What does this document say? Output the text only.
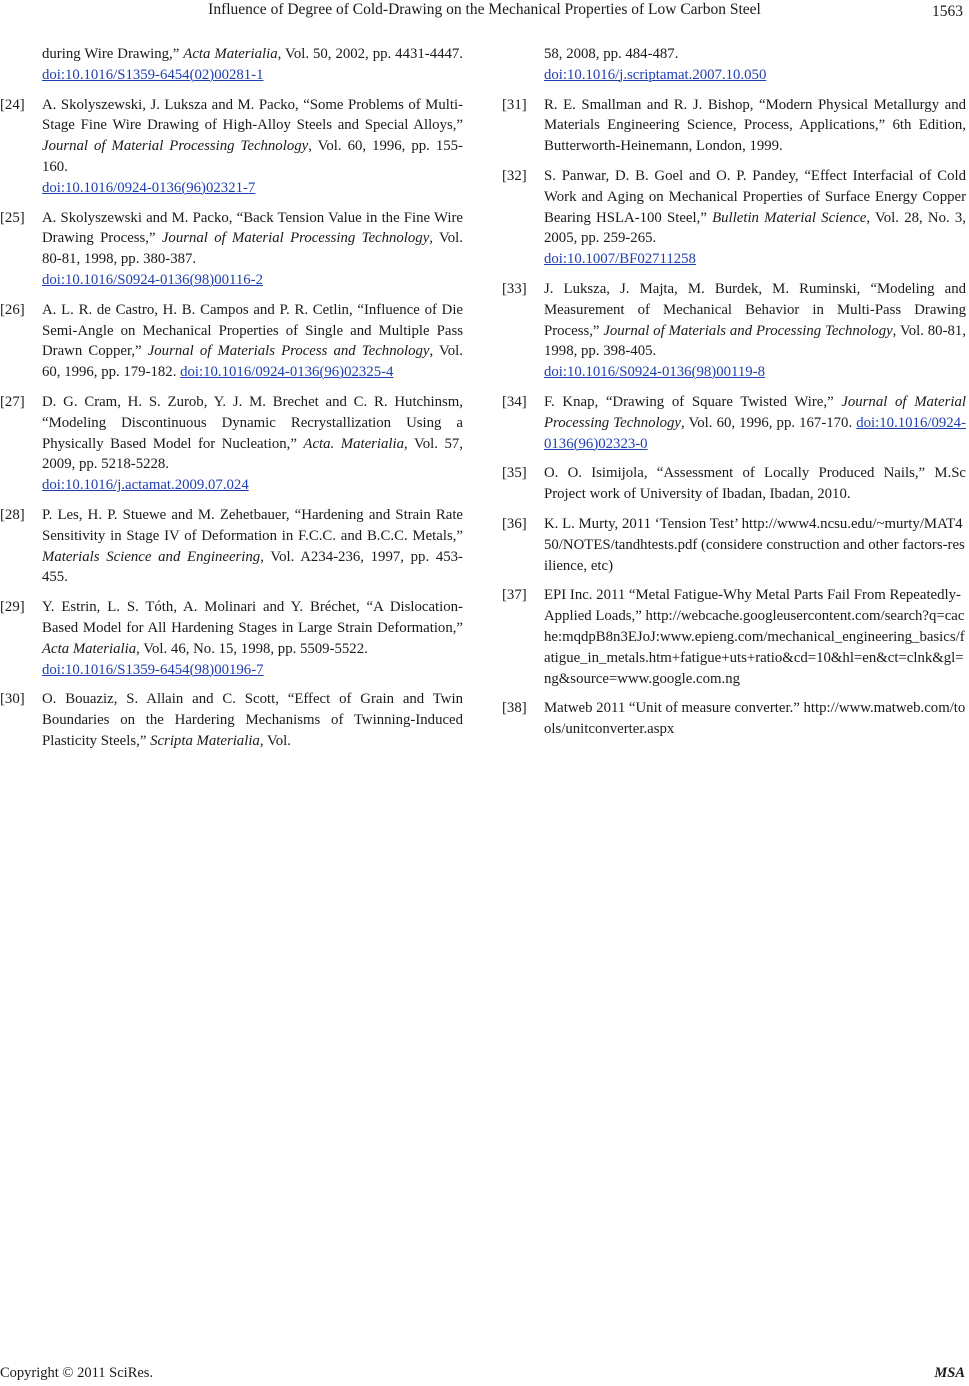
Influence of Degree of Cold-Drawing on the Mechanical Properties of Low Carbon Steel	1563
during Wire Drawing,” Acta Materialia, Vol. 50, 2002, pp. 4431-4447. doi:10.1016/S1359-6454(02)00281-1
[24] A. Skolyszewski, J. Luksza and M. Packo, “Some Problems of Multi-Stage Fine Wire Drawing of High-Alloy Steels and Special Alloys,” Journal of Material Processing Technology, Vol. 60, 1996, pp. 155-160.
doi:10.1016/0924-0136(96)02321-7
[25] A. Skolyszewski and M. Packo, “Back Tension Value in the Fine Wire Drawing Process,” Journal of Material Processing Technology, Vol. 80-81, 1998, pp. 380-387.
doi:10.1016/S0924-0136(98)00116-2
[26] A. L. R. de Castro, H. B. Campos and P. R. Cetlin, “Influence of Die Semi-Angle on Mechanical Properties of Single and Multiple Pass Drawn Copper,” Journal of Materials Process and Technology, Vol. 60, 1996, pp. 179-182. doi:10.1016/0924-0136(96)02325-4
[27] D. G. Cram, H. S. Zurob, Y. J. M. Brechet and C. R. Hutchinsm, “Modeling Discontinuous Dynamic Recrystallization Using a Physically Based Model for Nucleation,” Acta. Materialia, Vol. 57, 2009, pp. 5218-5228.
doi:10.1016/j.actamat.2009.07.024
[28] P. Les, H. P. Stuewe and M. Zehetbauer, “Hardening and Strain Rate Sensitivity in Stage IV of Deformation in F.C.C. and B.C.C. Metals,” Materials Science and Engineering, Vol. A234-236, 1997, pp. 453-455.
[29] Y. Estrin, L. S. Tóth, A. Molinari and Y. Bréchet, “A Dislocation-Based Model for All Hardening Stages in Large Strain Deformation,” Acta Materialia, Vol. 46, No. 15, 1998, pp. 5509-5522.
doi:10.1016/S1359-6454(98)00196-7
[30] O. Bouaziz, S. Allain and C. Scott, “Effect of Grain and Twin Boundaries on the Hardering Mechanisms of Twinning-Induced Plasticity Steels,” Scripta Materialia, Vol.
58, 2008, pp. 484-487.
doi:10.1016/j.scriptamat.2007.10.050
[31] R. E. Smallman and R. J. Bishop, “Modern Physical Metallurgy and Materials Engineering Science, Process, Applications,” 6th Edition, Butterworth-Heinemann, London, 1999.
[32] S. Panwar, D. B. Goel and O. P. Pandey, “Effect Interfacial of Cold Work and Aging on Mechanical Properties of Surface Energy Copper Bearing HSLA-100 Steel,” Bulletin Material Science, Vol. 28, No. 3, 2005, pp. 259-265.
doi:10.1007/BF02711258
[33] J. Luksza, J. Majta, M. Burdek, M. Ruminski, “Modeling and Measurement of Mechanical Behavior in Multi-Pass Drawing Process,” Journal of Materials and Processing Technology, Vol. 80-81, 1998, pp. 398-405.
doi:10.1016/S0924-0136(98)00119-8
[34] F. Knap, “Drawing of Square Twisted Wire,” Journal of Material Processing Technology, Vol. 60, 1996, pp. 167-170. doi:10.1016/0924-0136(96)02323-0
[35] O. O. Isimijola, “Assessment of Locally Produced Nails,” M.Sc Project work of University of Ibadan, Ibadan, 2010.
[36] K. L. Murty, 2011 ‘Tension Test’ http://www4.ncsu.edu/~murty/MAT450/NOTES/tandhtests.pdf (considere construction and other factors-resilience, etc)
[37] EPI Inc. 2011 “Metal Fatigue-Why Metal Parts Fail From Repeatedly-Applied Loads,” http://webcache.googleusercontent.com/search?q=cache:mqdpB8n3EJoJ:www.epieng.com/mechanical_engineering_basics/fatigue_in_metals.htm+fatigue+uts+ratio&cd=10&hl=en&ct=clnk&gl=ng&source=www.google.com.ng
[38] Matweb 2011 “Unit of measure converter.” http://www.matweb.com/tools/unitconverter.aspx
Copyright © 2011 SciRes.	MSA
